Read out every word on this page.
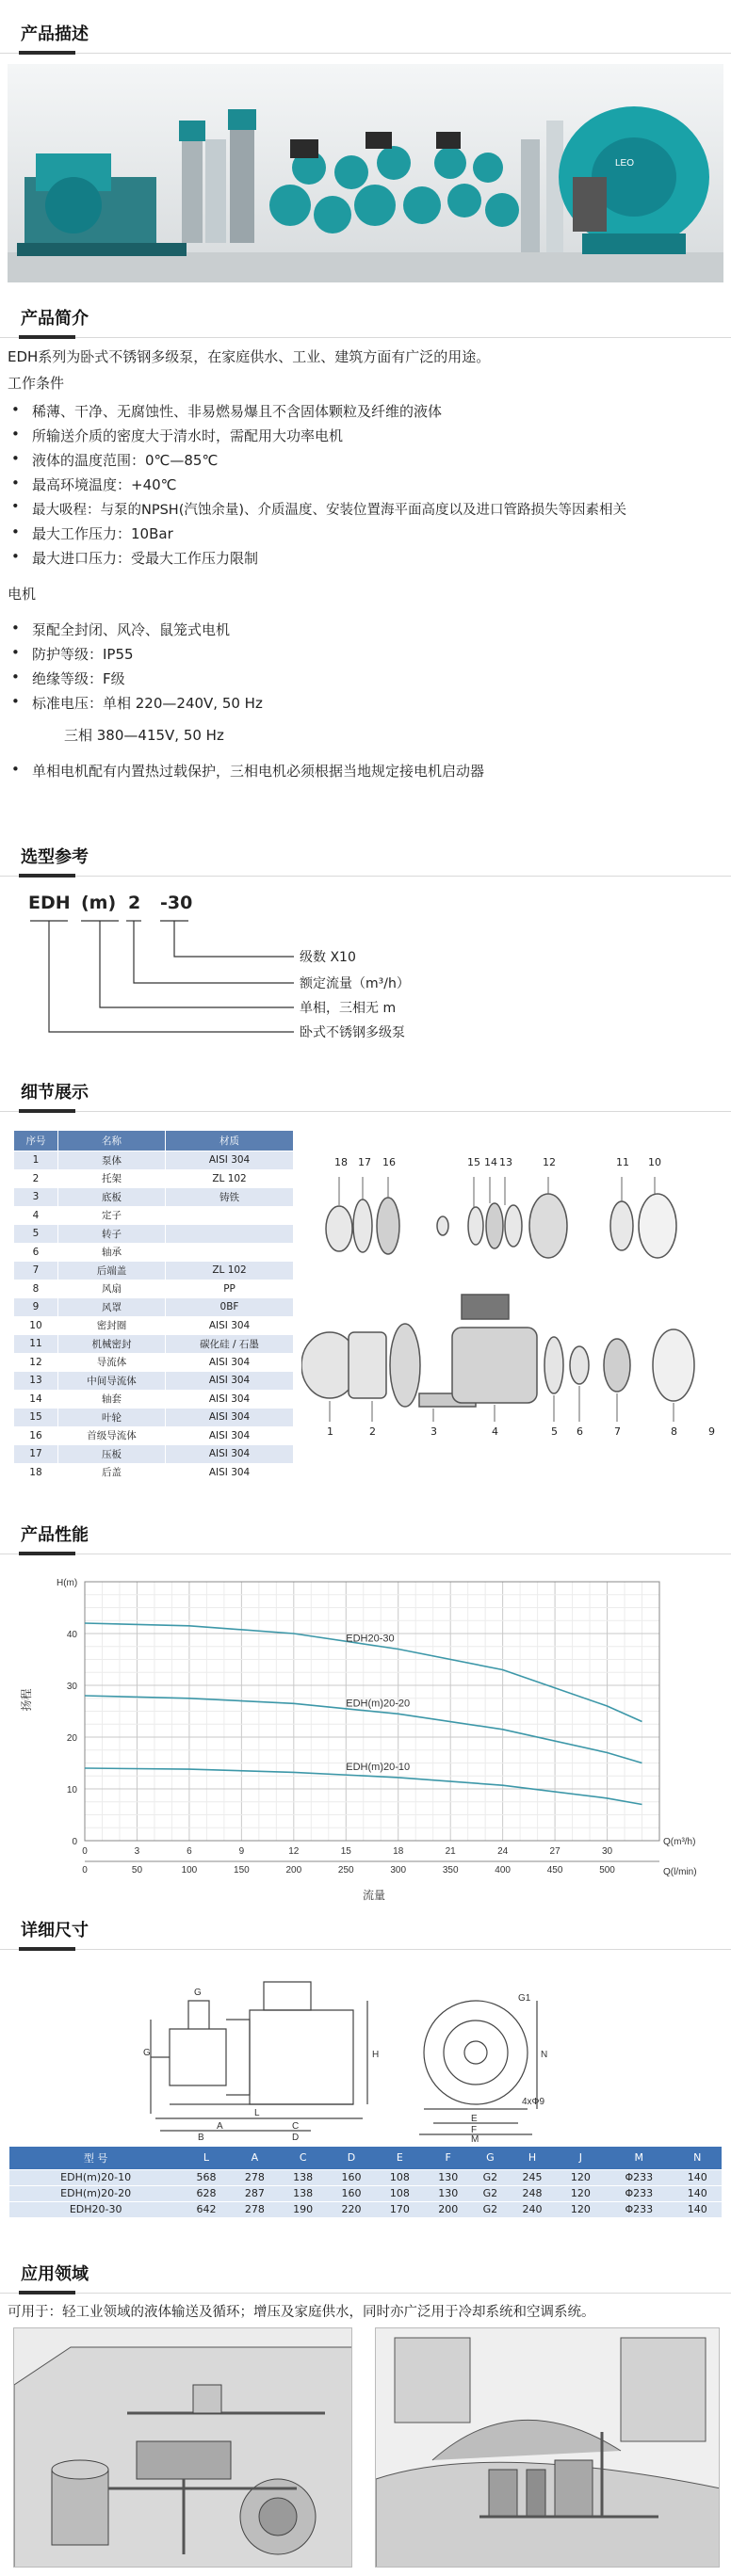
产品描述
LEO
产品简介
EDH系列为卧式不锈钢多级泵，在家庭供水、工业、建筑方面有广泛的用途。
工作条件
• 稀薄、干净、无腐蚀性、非易燃易爆且不含固体颗粒及纤维的液体
• 所输送介质的密度大于清水时，需配用大功率电机
• 液体的温度范围：0℃—85℃
• 最高环境温度：+40℃
• 最大吸程：与泵的NPSH(汽蚀余量)、介质温度、安装位置海平面高度以及进口管路损失等因素相关
• 最大工作压力：10Bar
• 最大进口压力：受最大工作压力限制
电机
• 泵配全封闭、风冷、鼠笼式电机
• 防护等级：IP55
• 绝缘等级：F级
• 标准电压：单相 220—240V, 50 Hz
三相 380—415V, 50 Hz
• 单相电机配有内置热过载保护，三相电机必须根据当地规定接电机启动器
选型参考
EDH (m) 2 -30
级数 X10
额定流量（m³/h）
单相，三相无 m
卧式不锈钢多级泵
细节展示
序号	名称	材质
1	泵体	AISI 304
2	托架	ZL 102
3	底板	铸铁
4	定子	
5	转子	
6	轴承	
7	后端盖	ZL 102
8	风扇	PP
9	风罩	0BF
10	密封圈	AISI 304
11	机械密封	碳化硅 / 石墨
12	导流体	AISI 304
13	中间导流体	AISI 304
14	轴套	AISI 304
15	叶轮	AISI 304
16	首级导流体	AISI 304
17	压板	AISI 304
18	后盖	AISI 304
18 17 16	15 14 13	12	11 10
1	2	3	4	5 6	7	8	9
产品性能
0
10
20
30
40
0	3	6	9	12	15	18	21	24	27	30
0	50	100	150	200	250	300	350	400	450	500
H(m)
Q(m³/h)
Q(l/min)
流量
扬程
EDH20-30
EDH(m)20-20
EDH(m)20-10
详细尺寸
G
G
L
A	C
D
B
E
F
H
G1
M
N
4xΦ9
型 号	L	A	C	D	E	F	G	H	J	M	N
EDH(m)20-10	568	278	138	160	108	130	G2	245	120	Φ233	140
EDH(m)20-20	628	287	138	160	108	130	G2	248	120	Φ233	140
EDH20-30	642	278	190	220	170	200	G2	240	120	Φ233	140
应用领域
可用于：轻工业领域的液体输送及循环；增压及家庭供水，同时亦广泛用于冷却系统和空调系统。
